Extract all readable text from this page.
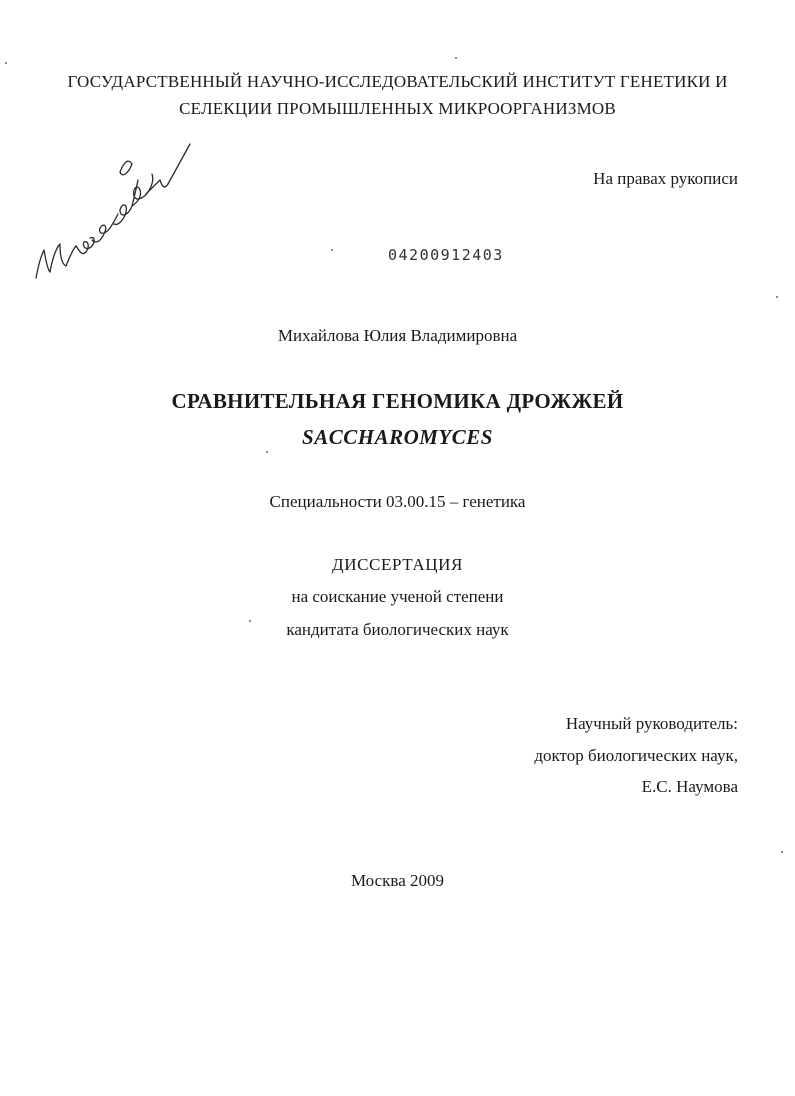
ГОСУДАРСТВЕННЫЙ НАУЧНО-ИССЛЕДОВАТЕЛЬСКИЙ ИНСТИТУТ ГЕНЕТИКИ И
СЕЛЕКЦИИ ПРОМЫШЛЕННЫХ МИКРООРГАНИЗМОВ
На правах рукописи
04200912403
Михайлова Юлия Владимировна
СРАВНИТЕЛЬНАЯ ГЕНОМИКА ДРОЖЖЕЙ
SACCHAROMYCES
Специальности 03.00.15 – генетика
ДИССЕРТАЦИЯ
на соискание ученой степени
кандитата биологических наук
Научный руководитель:
доктор биологических наук,
Е.С. Наумова
Москва 2009
